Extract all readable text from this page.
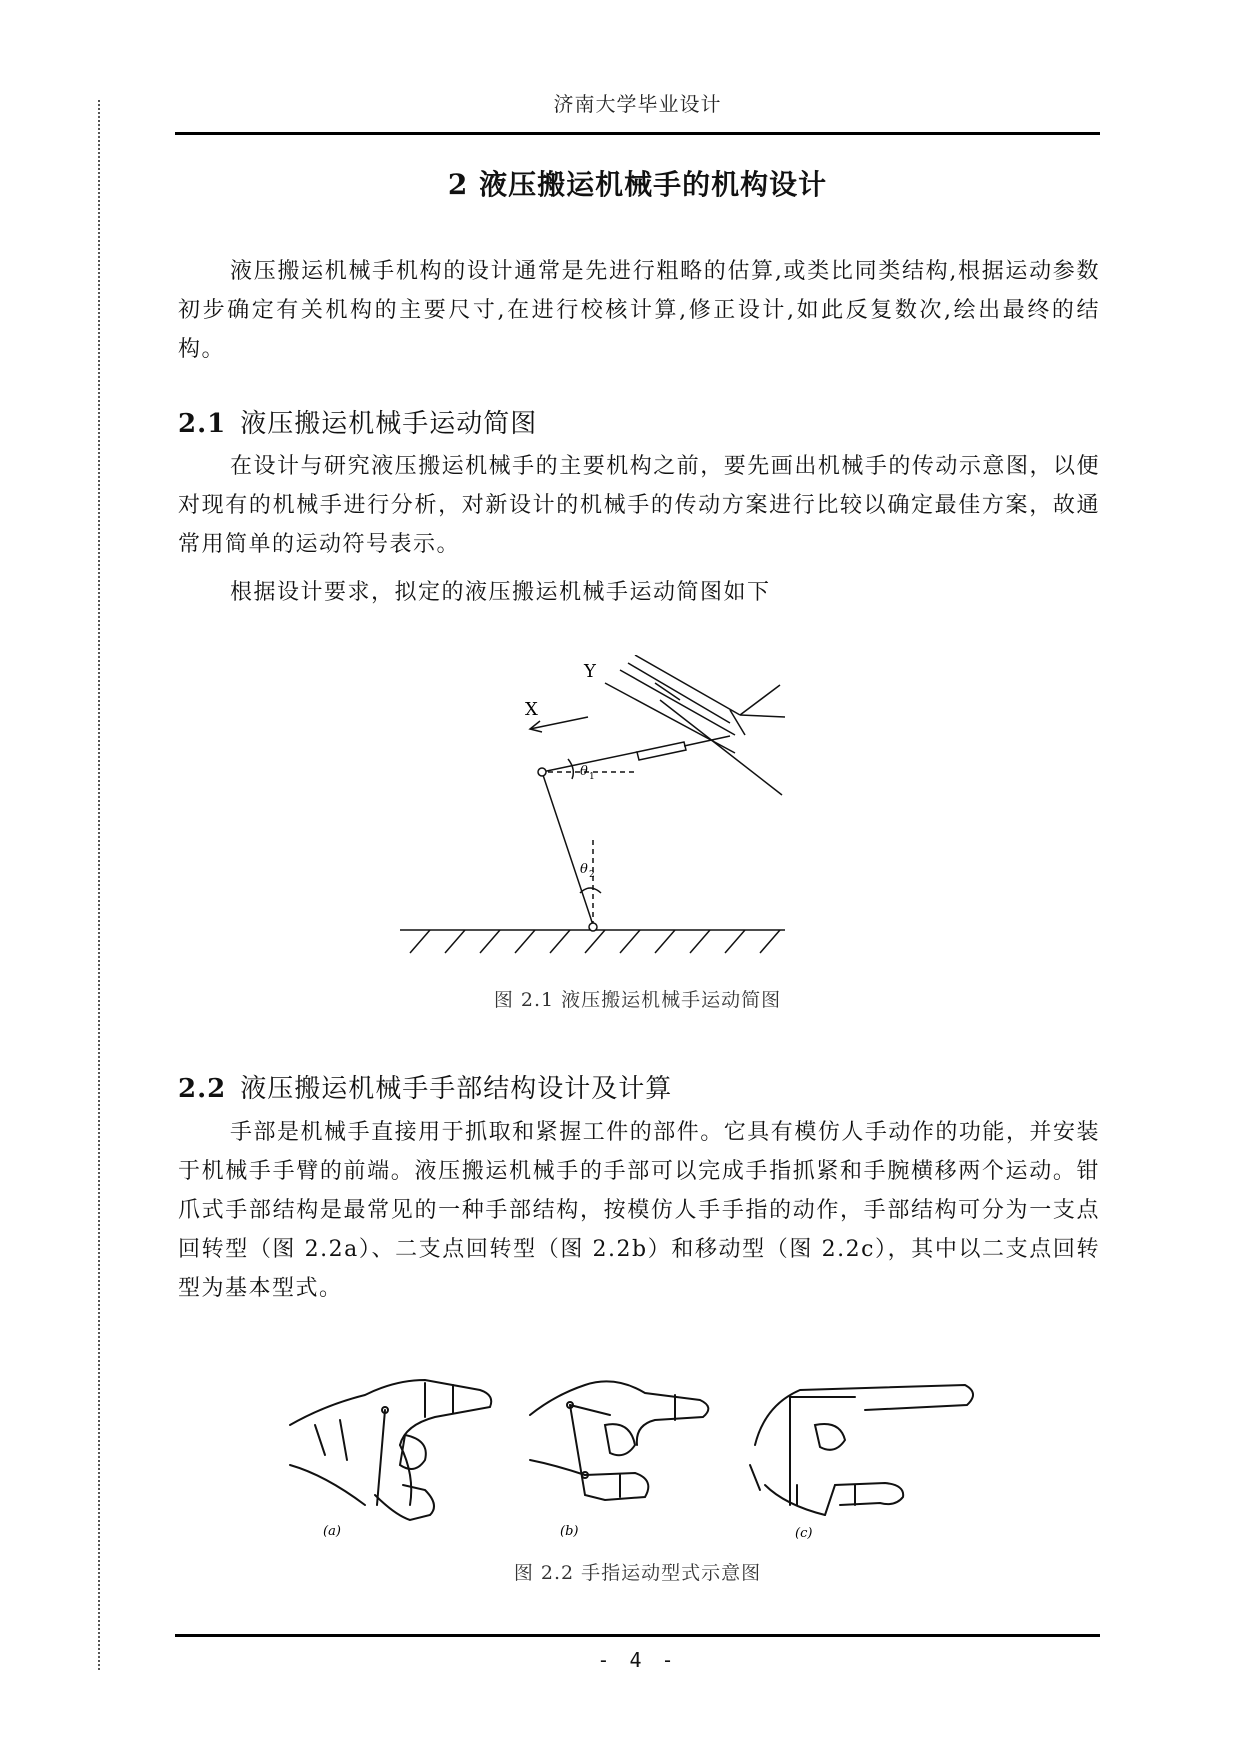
济南大学毕业设计
2 液压搬运机械手的机构设计

液压搬运机械手机构的设计通常是先进行粗略的估算,或类比同类结构,根据运动参数初步确定有关机构的主要尺寸,在进行校核计算,修正设计,如此反复数次,绘出最终的结构。

2.1 液压搬运机械手运动简图

在设计与研究液压搬运机械手的主要机构之前，要先画出机械手的传动示意图，以便对现有的机械手进行分析，对新设计的机械手的传动方案进行比较以确定最佳方案，故通常用简单的运动符号表示。

根据设计要求，拟定的液压搬运机械手运动简图如下

Y
X
θ 1
θ 2
图 2.1 液压搬运机械手运动简图
2.2 液压搬运机械手手部结构设计及计算

手部是机械手直接用于抓取和紧握工件的部件。它具有模仿人手动作的功能，并安装于机械手手臂的前端。液压搬运机械手的手部可以完成手指抓紧和手腕横移两个运动。钳爪式手部结构是最常见的一种手部结构，按模仿人手手指的动作，手部结构可分为一支点回转型（图 2.2a）、二支点回转型（图 2.2b）和移动型（图 2.2c），其中以二支点回转型为基本型式。

(a)	(b)	(c)
图 2.2 手指运动型式示意图
- 4 -
